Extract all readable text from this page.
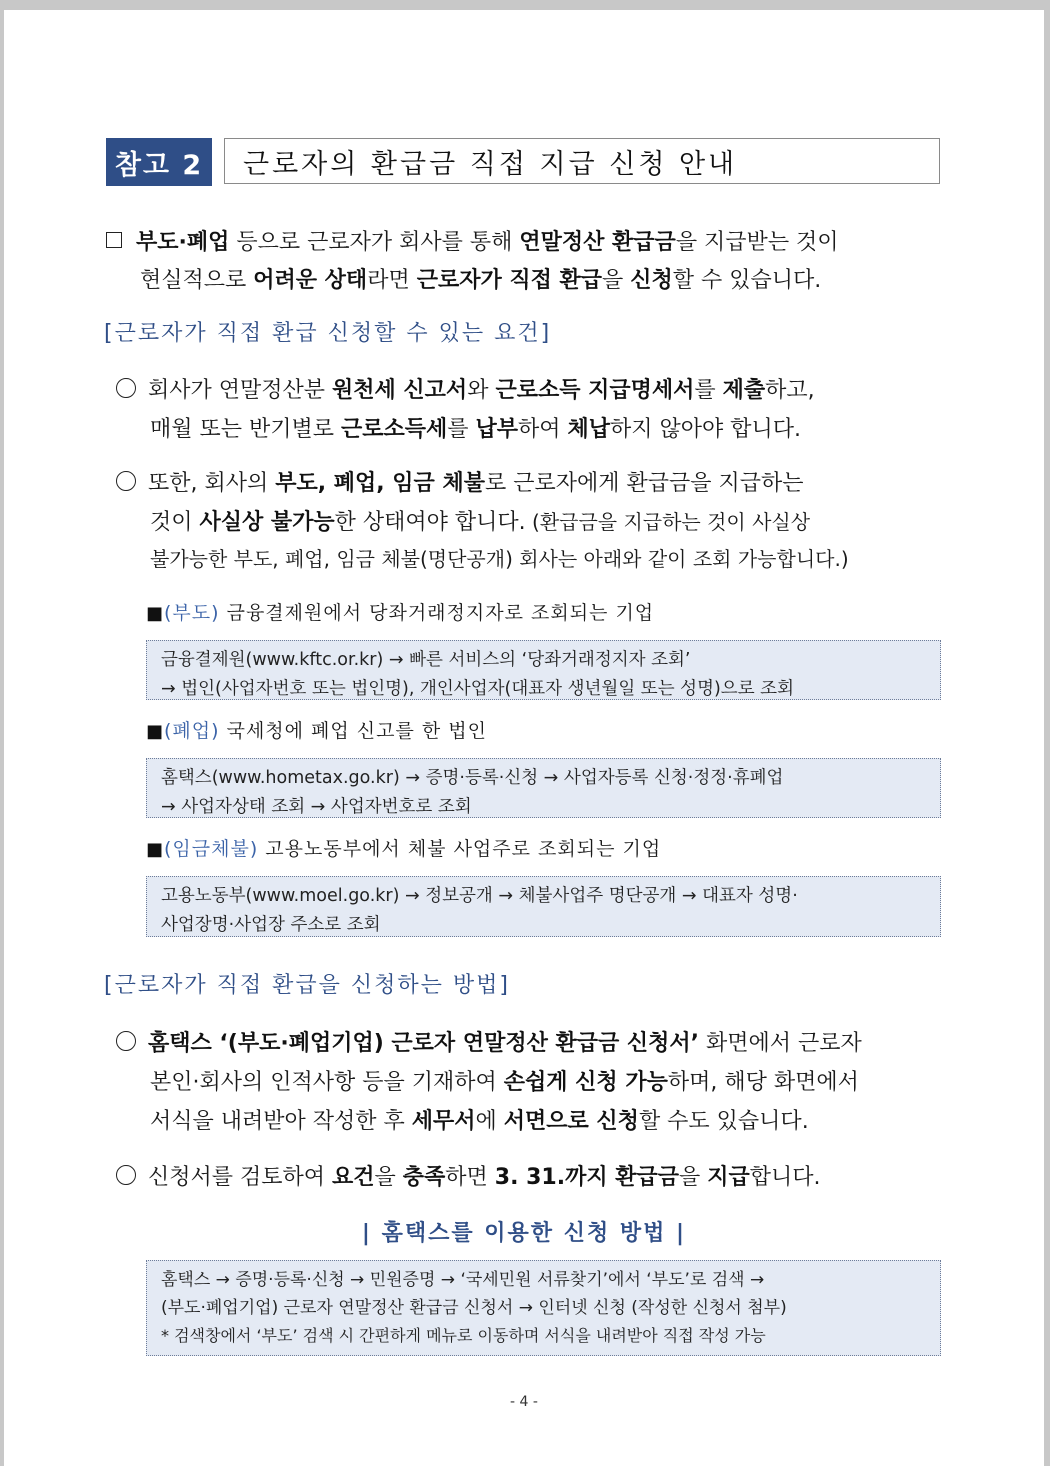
참고 2	근로자의 환급금 직접 지급 신청 안내
부도·폐업 등으로 근로자가 회사를 통해 연말정산 환급금을 지급받는 것이
현실적으로 어려운 상태라면 근로자가 직접 환급을 신청할 수 있습니다.
[근로자가 직접 환급 신청할 수 있는 요건]
회사가 연말정산분 원천세 신고서와 근로소득 지급명세서를 제출하고,
매월 또는 반기별로 근로소득세를 납부하여 체납하지 않아야 합니다.
또한, 회사의 부도, 폐업, 임금 체불로 근로자에게 환급금을 지급하는
것이 사실상 불가능한 상태여야 합니다. (환급금을 지급하는 것이 사실상
불가능한 부도, 폐업, 임금 체불(명단공개) 회사는 아래와 같이 조회 가능합니다.)
■(부도) 금융결제원에서 당좌거래정지자로 조회되는 기업
금융결제원(www.kftc.or.kr) → 빠른 서비스의 ‘당좌거래정지자 조회’
→ 법인(사업자번호 또는 법인명), 개인사업자(대표자 생년월일 또는 성명)으로 조회
■(폐업) 국세청에 폐업 신고를 한 법인
홈택스(www.hometax.go.kr) → 증명·등록·신청 → 사업자등록 신청·정정·휴폐업
→ 사업자상태 조회 → 사업자번호로 조회
■(임금체불) 고용노동부에서 체불 사업주로 조회되는 기업
고용노동부(www.moel.go.kr) → 정보공개 → 체불사업주 명단공개 → 대표자 성명·
사업장명·사업장 주소로 조회
[근로자가 직접 환급을 신청하는 방법]
홈택스 ‘(부도·폐업기업) 근로자 연말정산 환급금 신청서’ 화면에서 근로자
본인·회사의 인적사항 등을 기재하여 손쉽게 신청 가능하며, 해당 화면에서
서식을 내려받아 작성한 후 세무서에 서면으로 신청할 수도 있습니다.
신청서를 검토하여 요건을 충족하면 3. 31.까지 환급금을 지급합니다.
| 홈택스를 이용한 신청 방법 |
홈택스 → 증명·등록·신청 → 민원증명 → ‘국세민원 서류찾기’에서 ‘부도’로 검색 →
(부도·폐업기업) 근로자 연말정산 환급금 신청서 → 인터넷 신청 (작성한 신청서 첨부)
* 검색창에서 ‘부도’ 검색 시 간편하게 메뉴로 이동하며 서식을 내려받아 직접 작성 가능
- 4 -
